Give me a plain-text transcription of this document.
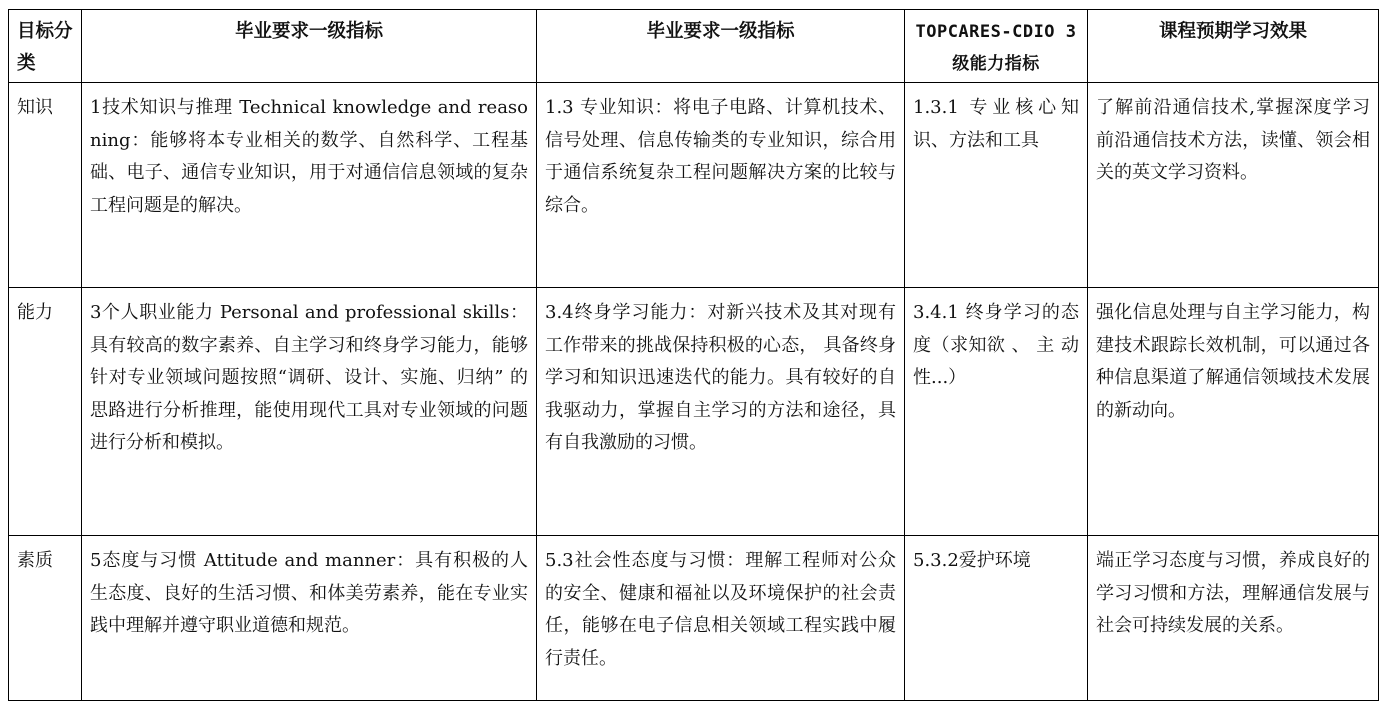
目标分类	毕业要求一级指标	毕业要求一级指标	TOPCARES-CDIO 3级能力指标	课程预期学习效果
知识	1技术知识与推理 Technical knowledge and reasoning：能够将本专业相关的数学、自然科学、工程基础、电子、通信专业知识，用于对通信信息领域的复杂工程问题是的解决。	1.3 专业知识：将电子电路、计算机技术、信号处理、信息传输类的专业知识，综合用于通信系统复杂工程问题解决方案的比较与综合。	1.3.1 专业核心知识、方法和工具	了解前沿通信技术,掌握深度学习前沿通信技术方法，读懂、领会相关的英文学习资料。
能力	3个人职业能力 Personal and professional skills：具有较高的数字素养、自主学习和终身学习能力，能够针对专业领域问题按照“调研、设计、实施、归纳” 的思路进行分析推理，能使用现代工具对专业领域的问题进行分析和模拟。	3.4终身学习能力：对新兴技术及其对现有工作带来的挑战保持积极的心态， 具备终身学习和知识迅速迭代的能力。具有较好的自我驱动力，掌握自主学习的方法和途径，具有自我激励的习惯。	3.4.1 终身学习的态度（求知欲 、 主 动性...）	强化信息处理与自主学习能力，构建技术跟踪长效机制，可以通过各种信息渠道了解通信领域技术发展的新动向。
素质	5态度与习惯 Attitude and manner：具有积极的人生态度、良好的生活习惯、和体美劳素养，能在专业实践中理解并遵守职业道德和规范。	5.3社会性态度与习惯：理解工程师对公众的安全、健康和福祉以及环境保护的社会责任，能够在电子信息相关领域工程实践中履行责任。	5.3.2爱护环境	端正学习态度与习惯，养成良好的学习习惯和方法，理解通信发展与社会可持续发展的关系。
